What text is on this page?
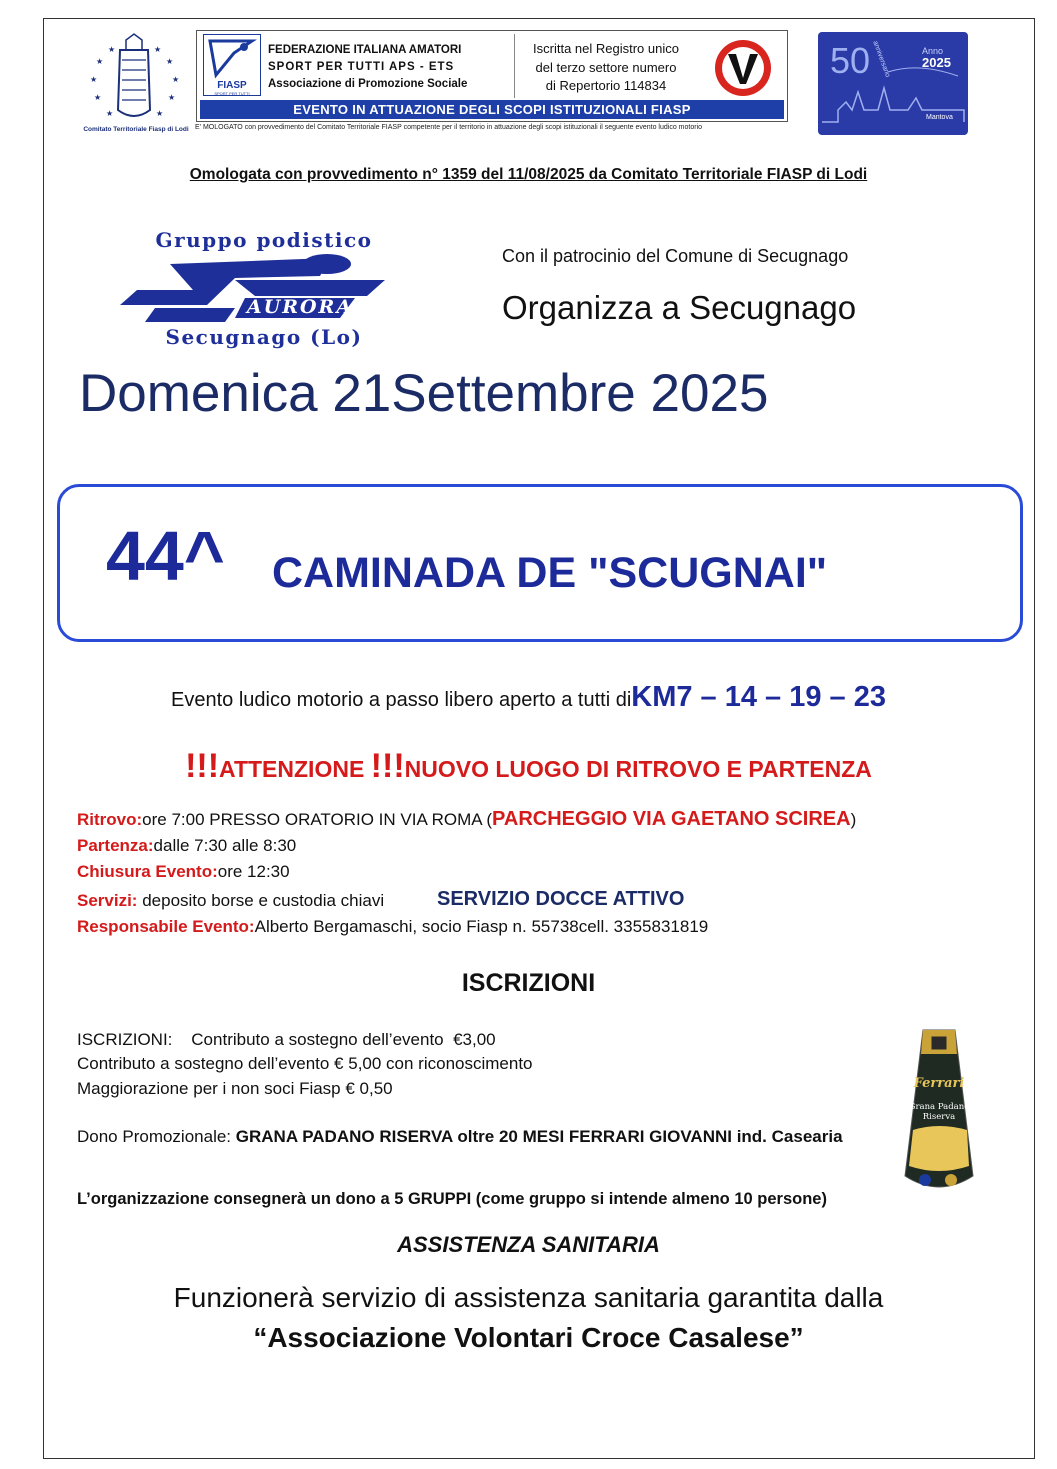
★
★
★
★
★
★
★
★
★
★
Comitato Territoriale Fiasp di Lodi
FIASP
SPORT PER TUTTI
FEDERAZIONE ITALIANA AMATORI
SPORT PER TUTTI APS - ETS
Associazione di Promozione Sociale
Iscritta nel Registro unico
del terzo settore numero
di Repertorio 114834
EVENTO IN ATTUAZIONE DEGLI SCOPI ISTITUZIONALI FIASP
E' MOLOGATO con provvedimento del Comitato Territoriale FIASP competente per il territorio in attuazione degli scopi istituzionali il seguente evento ludico motorio
50 anniversario	Anno
2025
Mantova
Omologata con provvedimento n° 1359 del 11/08/2025 da Comitato Territoriale FIASP di Lodi
Gruppo podistico
AURORA
Secugnago (Lo)
Con il patrocinio del Comune di Secugnago
Organizza a Secugnago
Domenica 21Settembre 2025
44^ CAMINADA DE "SCUGNAI"
Evento ludico motorio a passo libero aperto a tutti diKM7 – 14 – 19 – 23
!!!ATTENZIONE !!!NUOVO LUOGO DI RITROVO E PARTENZA
Ritrovo:ore 7:00 PRESSO ORATORIO IN VIA ROMA (PARCHEGGIO VIA GAETANO SCIREA)
Partenza:dalle 7:30 alle 8:30
Chiusura Evento:ore 12:30
Servizi: deposito borse e custodia chiavi	SERVIZIO DOCCE ATTIVO
Responsabile Evento:Alberto Bergamaschi, socio Fiasp n. 55738cell. 3355831819
ISCRIZIONI
ISCRIZIONI:    Contributo a sostegno dell’evento  €3,00
Contributo a sostegno dell’evento € 5,00 con riconoscimento
Maggiorazione per i non soci Fiasp € 0,50
Dono Promozionale: GRANA PADANO RISERVA oltre 20 MESI FERRARI GIOVANNI ind. Casearia
Ferrari
Grana Padano
Riserva
L’organizzazione consegnerà un dono a 5 GRUPPI (come gruppo si intende almeno 10 persone)
ASSISTENZA SANITARIA
Funzionerà servizio di assistenza sanitaria garantita dalla
“Associazione Volontari Croce Casalese”
